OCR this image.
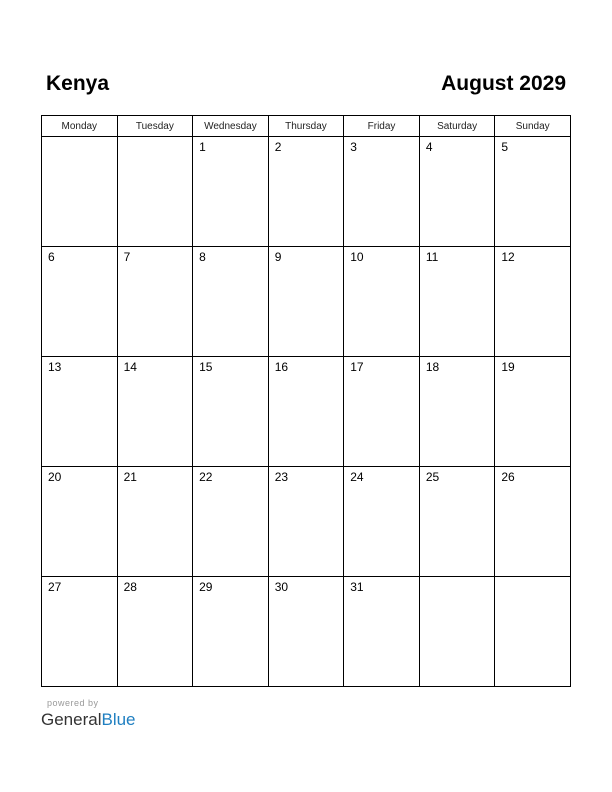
Kenya	August 2029
Monday	Tuesday	Wednesday	Thursday	Friday	Saturday	Sunday

		1	2	3	4	5

6	7	8	9	10	11	12

13	14	15	16	17	18	19

20	21	22	23	24	25	26

27	28	29	30	31		

powered by
GeneralBlue
